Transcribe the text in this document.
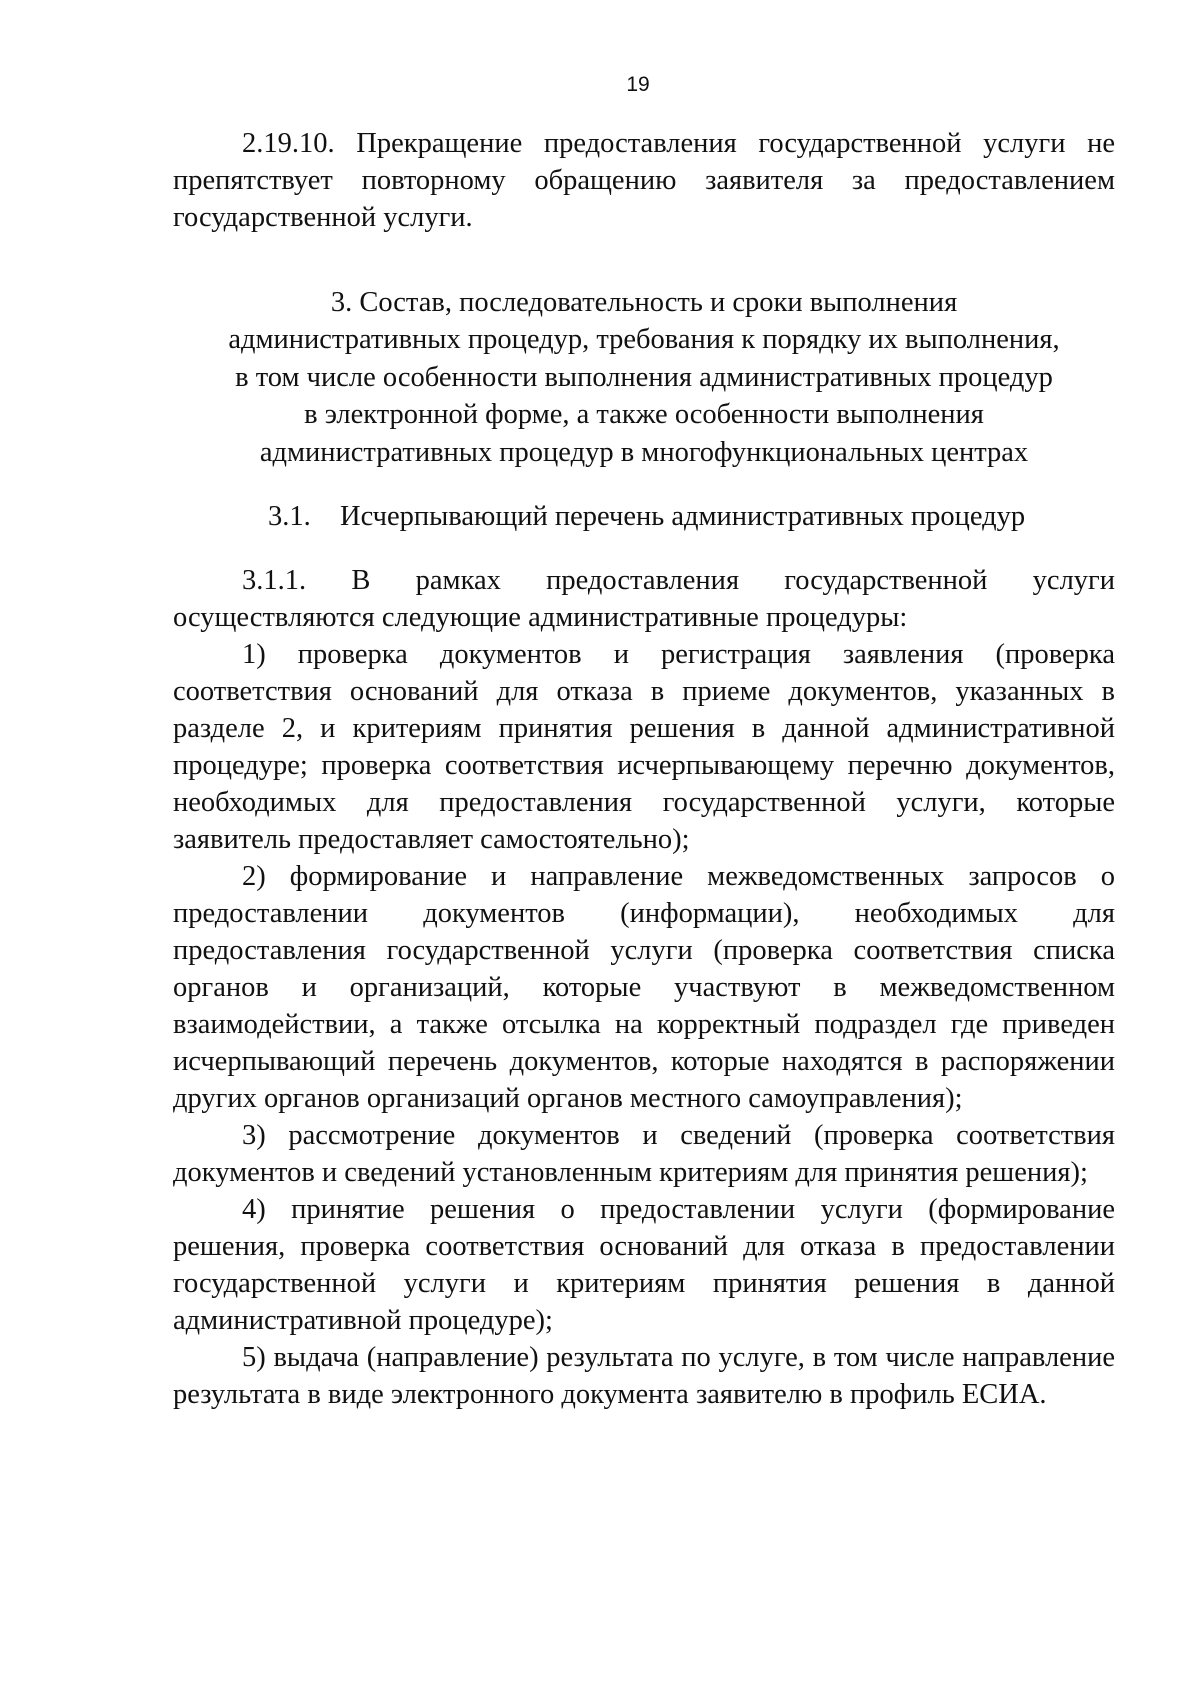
19

2.19.10. Прекращение предоставления государственной услуги не препятствует повторному обращению заявителя за предоставлением государственной услуги.

3. Состав, последовательность и сроки выполнения
административных процедур, требования к порядку их выполнения,
в том числе особенности выполнения административных процедур
в электронной форме, а также особенности выполнения
административных процедур в многофункциональных центрах
3.1. Исчерпывающий перечень административных процедур

3.1.1. В рамках предоставления государственной услуги осуществляются следующие административные процедуры:

1) проверка документов и регистрация заявления (проверка соответствия оснований для отказа в приеме документов, указанных в разделе 2, и критериям принятия решения в данной административной процедуре; проверка соответствия исчерпывающему перечню документов, необходимых для предоставления государственной услуги, которые заявитель предоставляет самостоятельно);

2) формирование и направление межведомственных запросов о предоставлении документов (информации), необходимых для предоставления государственной услуги (проверка соответствия списка органов и организаций, которые участвуют в межведомственном взаимодействии, а также отсылка на корректный подраздел где приведен исчерпывающий перечень документов, которые находятся в распоряжении других органов организаций органов местного самоуправления);

3) рассмотрение документов и сведений (проверка соответствия документов и сведений установленным критериям для принятия решения);

4) принятие решения о предоставлении услуги (формирование решения, проверка соответствия оснований для отказа в предоставлении государственной услуги и критериям принятия решения в данной административной процедуре);

5) выдача (направление) результата по услуге, в том числе направление результата в виде электронного документа заявителю в профиль ЕСИА.
